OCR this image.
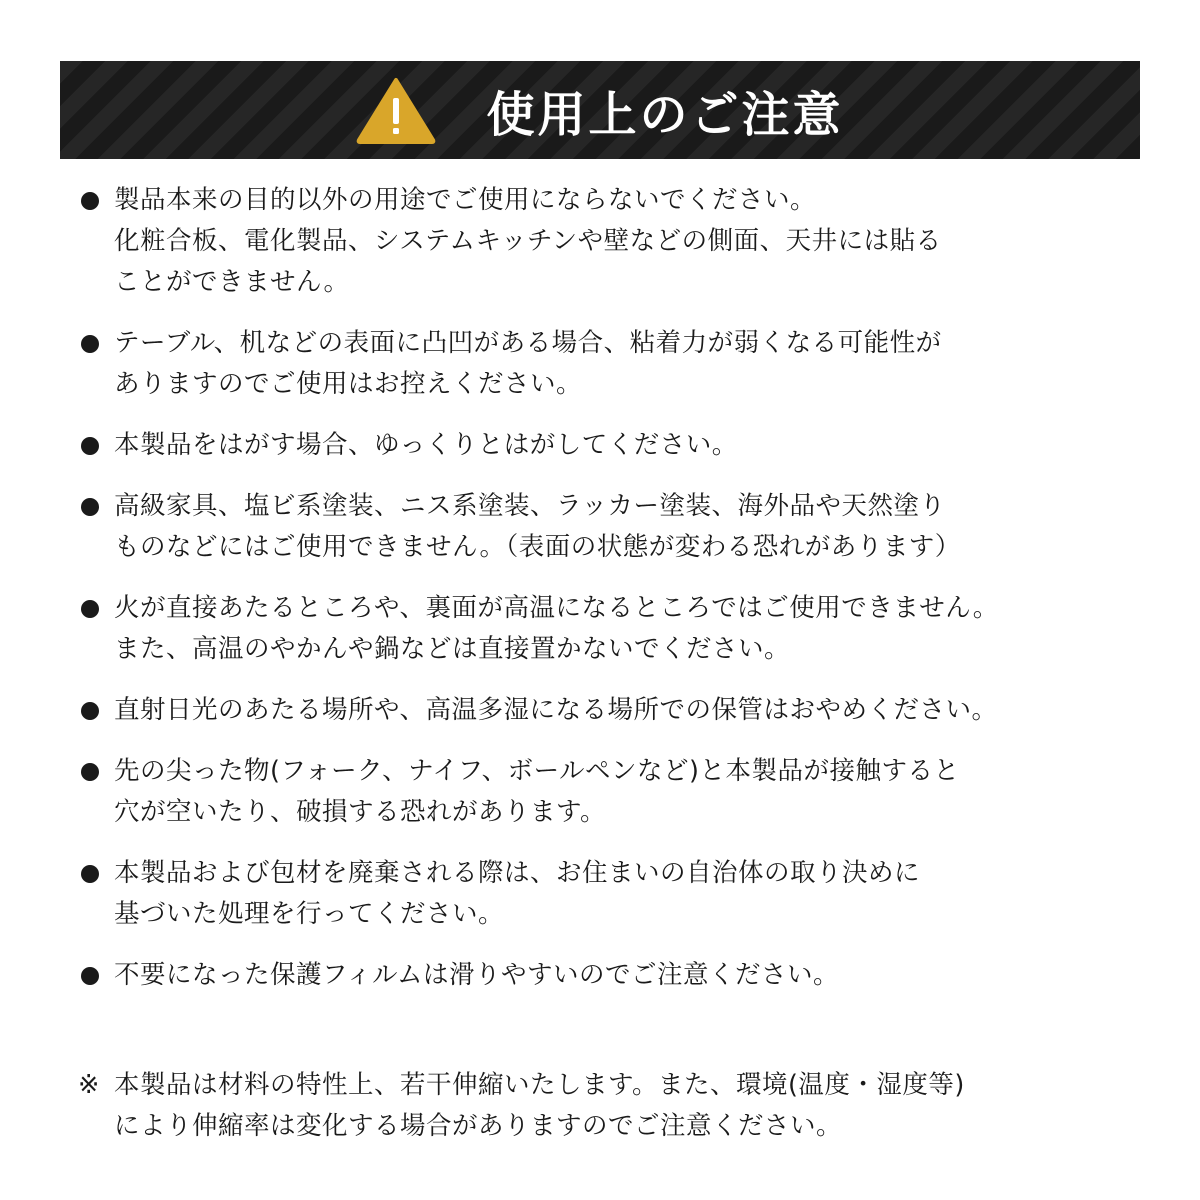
使用上のご注意
製品本来の目的以外の用途でご使用にならないでください。
化粧合板、電化製品、システムキッチンや壁などの側面、天井には貼る
ことができません。
テーブル、机などの表面に凸凹がある場合、粘着力が弱くなる可能性が
ありますのでご使用はお控えください。
本製品をはがす場合、ゆっくりとはがしてください。
高級家具、塩ビ系塗装、ニス系塗装、ラッカー塗装、海外品や天然塗り
ものなどにはご使用できません。（表面の状態が変わる恐れがあります）
火が直接あたるところや、裏面が高温になるところではご使用できません。
また、高温のやかんや鍋などは直接置かないでください。
直射日光のあたる場所や、高温多湿になる場所での保管はおやめください。
先の尖った物(フォーク、ナイフ、ボールペンなど)と本製品が接触すると
穴が空いたり、破損する恐れがあります。
本製品および包材を廃棄される際は、お住まいの自治体の取り決めに
基づいた処理を行ってください。
不要になった保護フィルムは滑りやすいのでご注意ください。
※ 本製品は材料の特性上、若干伸縮いたします。また、環境(温度・湿度等)
により伸縮率は変化する場合がありますのでご注意ください。
